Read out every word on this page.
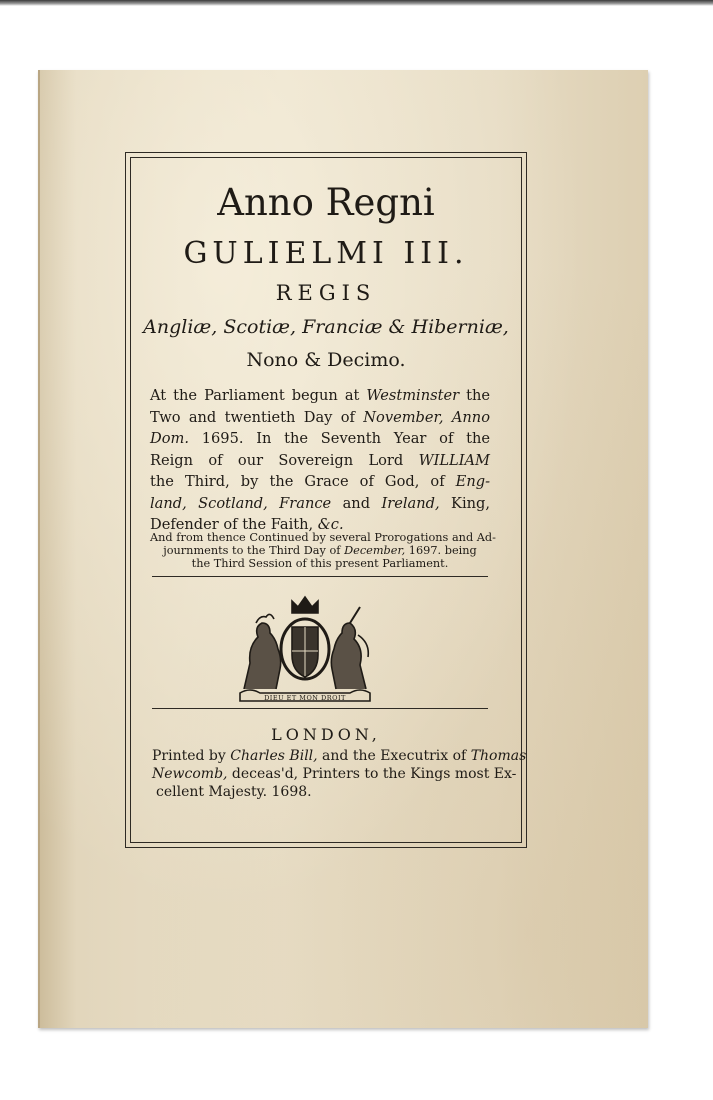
Anno Regni
GULIELMI III.
REGIS
Angliæ, Scotiæ, Franciæ & Hiberniæ,
Nono & Decimo.
At the Parliament begun at Westminster the
Two and twentieth Day of November, Anno
Dom. 1695. In the Seventh Year of the
Reign of our Sovereign Lord WILLIAM
the Third, by the Grace of God, of Eng-
land, Scotland, France and Ireland, King,
Defender of the Faith, &c.
And from thence Continued by several Prorogations and Ad-
journments to the Third Day of December, 1697. being
the Third Session of this present Parliament.
DIEU ET MON DROIT
LONDON,
Printed by Charles Bill, and the Executrix of Thomas
Newcomb, deceas'd, Printers to the Kings most Ex-
cellent Majesty. 1698.
